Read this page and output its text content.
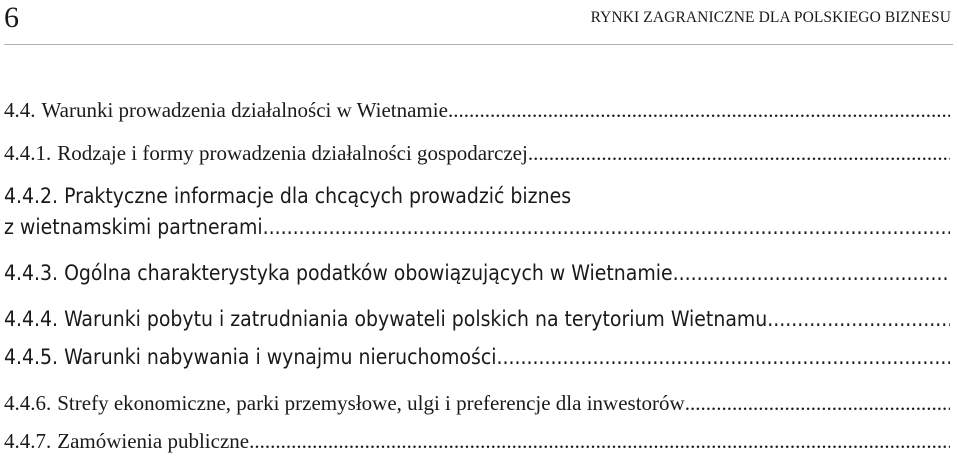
6	RYNKI ZAGRANICZNE DLA POLSKIEGO BIZNESU
4.4. Warunki prowadzenia działalności w Wietnamie
.....
4.4.1. Rodzaje i formy prowadzenia działalności gospodarczej
.....
4.4.2. Praktyczne informacje dla chcących prowadzić biznes
z wietnamskimi partnerami
.....
4.4.3. Ogólna charakterystyka podatków obowiązujących w Wietnamie
.....
4.4.4. Warunki pobytu i zatrudniania obywateli polskich na terytorium Wietnamu
.....
4.4.5. Warunki nabywania i wynajmu nieruchomości
.....
4.4.6. Strefy ekonomiczne, parki przemysłowe, ulgi i preferencje dla inwestorów
.....
4.4.7. Zamówienia publiczne
.....
